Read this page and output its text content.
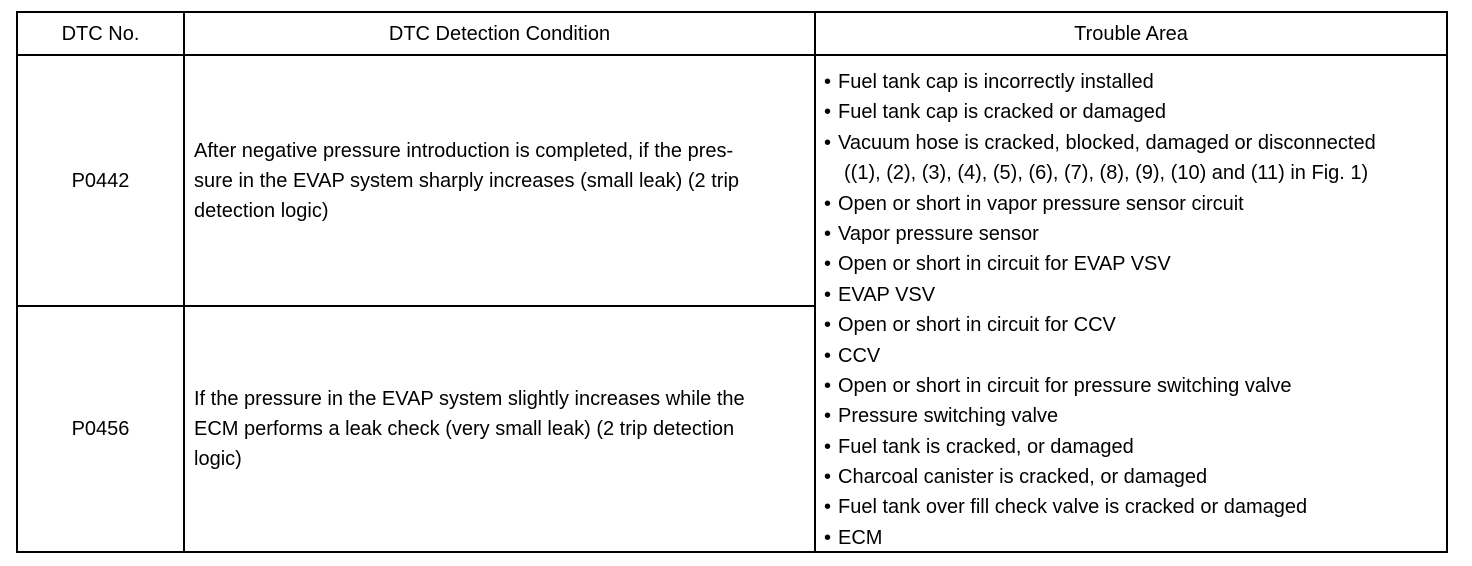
DTC No.	DTC Detection Condition	Trouble Area
P0442
After negative pressure introduction is completed, if the pres-
sure in the EVAP system sharply increases (small leak) (2 trip
detection logic)
P0456
If the pressure in the EVAP system slightly increases while the
ECM performs a leak check (very small leak) (2 trip detection
logic)
• Fuel tank cap is incorrectly installed
• Fuel tank cap is cracked or damaged
• Vacuum hose is cracked, blocked, damaged or disconnected
((1), (2), (3), (4), (5), (6), (7), (8), (9), (10) and (11) in Fig. 1)
• Open or short in vapor pressure sensor circuit
• Vapor pressure sensor
• Open or short in circuit for EVAP VSV
• EVAP VSV
• Open or short in circuit for CCV
• CCV
• Open or short in circuit for pressure switching valve
• Pressure switching valve
• Fuel tank is cracked, or damaged
• Charcoal canister is cracked, or damaged
• Fuel tank over fill check valve is cracked or damaged
• ECM
